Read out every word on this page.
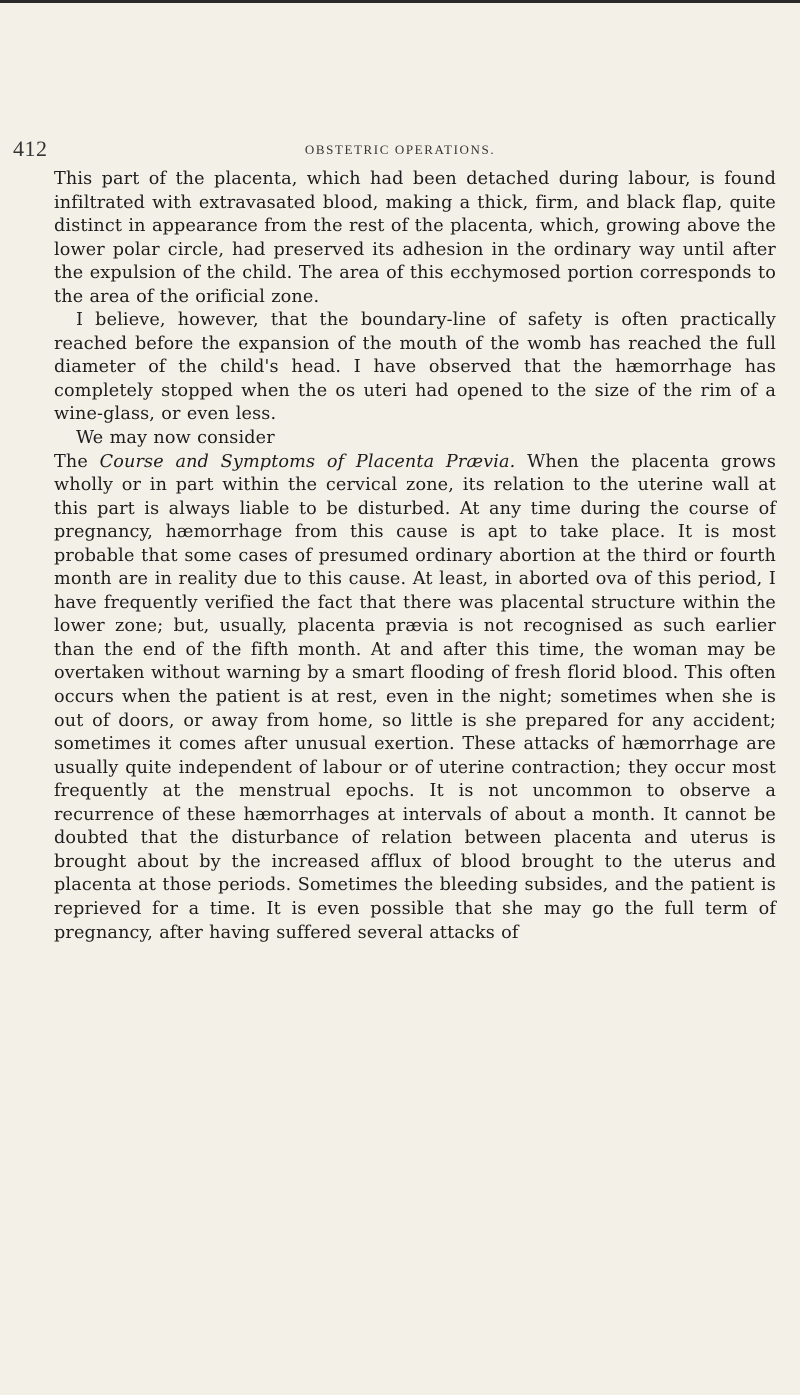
412	OBSTETRIC OPERATIONS.

This part of the placenta, which had been detached during labour, is found infiltrated with extravasated blood, making a thick, firm, and black flap, quite distinct in appearance from the rest of the placenta, which, growing above the lower polar circle, had preserved its adhesion in the ordinary way until after the expulsion of the child. The area of this ecchymosed portion corresponds to the area of the orificial zone.

I believe, however, that the boundary-line of safety is often practically reached before the expansion of the mouth of the womb has reached the full diameter of the child's head. I have observed that the hæmorrhage has completely stopped when the os uteri had opened to the size of the rim of a wine-glass, or even less.

We may now consider

The Course and Symptoms of Placenta Prævia. When the placenta grows wholly or in part within the cervical zone, its relation to the uterine wall at this part is always liable to be disturbed. At any time during the course of pregnancy, hæmorrhage from this cause is apt to take place. It is most probable that some cases of presumed ordinary abortion at the third or fourth month are in reality due to this cause. At least, in aborted ova of this period, I have frequently verified the fact that there was placental structure within the lower zone; but, usually, placenta prævia is not recognised as such earlier than the end of the fifth month. At and after this time, the woman may be overtaken without warning by a smart flooding of fresh florid blood. This often occurs when the patient is at rest, even in the night; sometimes when she is out of doors, or away from home, so little is she prepared for any accident; sometimes it comes after unusual exertion. These attacks of hæmorrhage are usually quite independent of labour or of uterine contraction; they occur most frequently at the menstrual epochs. It is not uncommon to observe a recurrence of these hæmorrhages at intervals of about a month. It cannot be doubted that the disturbance of relation between placenta and uterus is brought about by the increased afflux of blood brought to the uterus and placenta at those periods. Sometimes the bleeding subsides, and the patient is reprieved for a time. It is even possible that she may go the full term of pregnancy, after having suffered several attacks of
